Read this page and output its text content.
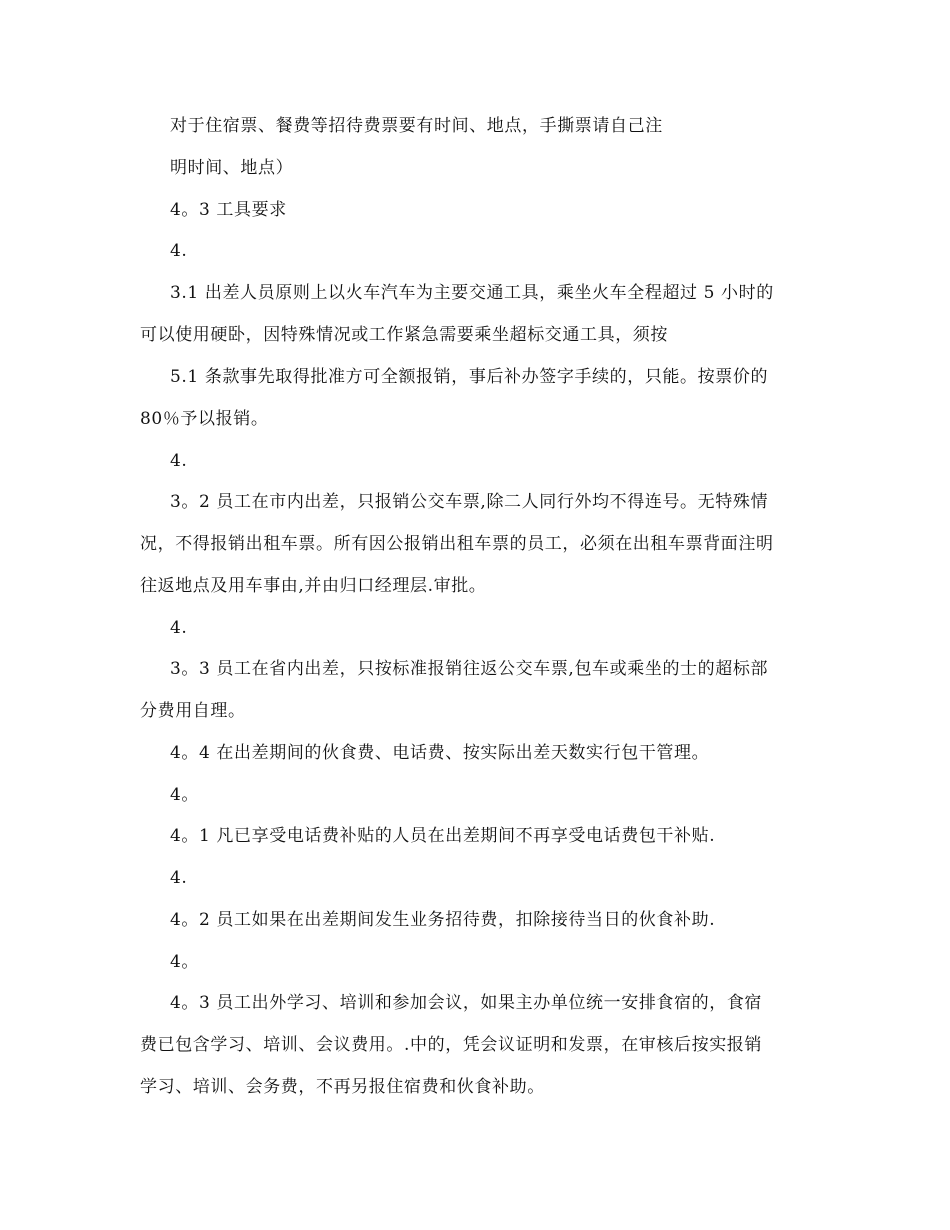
对于住宿票、餐费等招待费票要有时间、地点，手撕票请自己注
明时间、地点）
4。3 工具要求
4.
3.1 出差人员原则上以火车汽车为主要交通工具，乘坐火车全程超过 5 小时的
可以使用硬卧，因特殊情况或工作紧急需要乘坐超标交通工具，须按
5.1 条款事先取得批准方可全额报销，事后补办签字手续的，只能。按票价的
80％予以报销。
4.
3。2 员工在市内出差，只报销公交车票,除二人同行外均不得连号。无特殊情
况，不得报销出租车票。所有因公报销出租车票的员工，必须在出租车票背面注明
往返地点及用车事由,并由归口经理层.审批。
4.
3。3 员工在省内出差，只按标准报销往返公交车票,包车或乘坐的士的超标部
分费用自理。
4。4 在出差期间的伙食费、电话费、按实际出差天数实行包干管理。
4。
4。1 凡已享受电话费补贴的人员在出差期间不再享受电话费包干补贴.
4.
4。2 员工如果在出差期间发生业务招待费，扣除接待当日的伙食补助.
4。
4。3 员工出外学习、培训和参加会议，如果主办单位统一安排食宿的，食宿
费已包含学习、培训、会议费用。.中的，凭会议证明和发票，在审核后按实报销
学习、培训、会务费，不再另报住宿费和伙食补助。
